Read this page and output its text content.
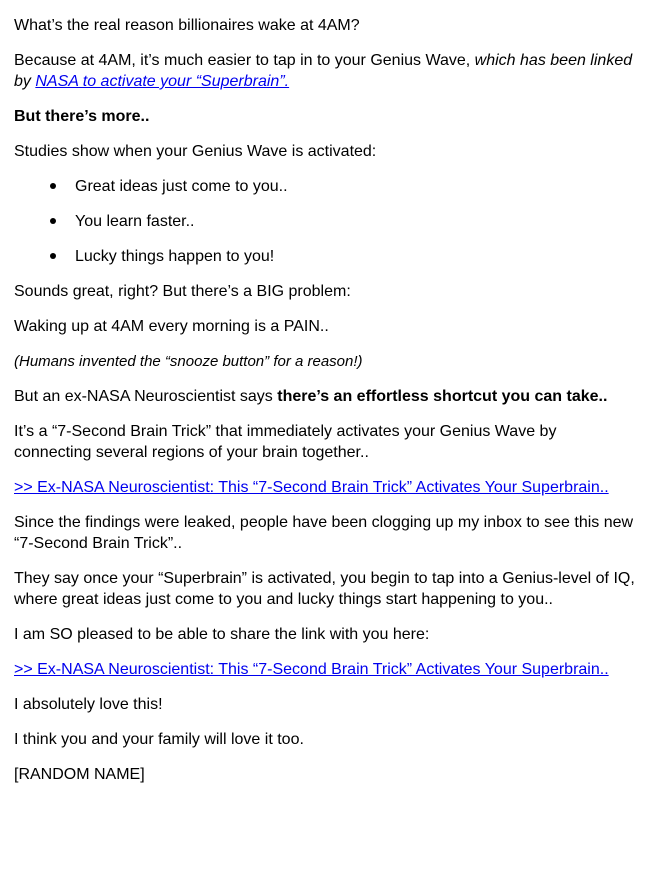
What’s the real reason billionaires wake at 4AM?

Because at 4AM, it’s much easier to tap in to your Genius Wave, which has been linked by NASA to activate your “Superbrain”.

But there’s more..

Studies show when your Genius Wave is activated:

Great ideas just come to you..
You learn faster..
Lucky things happen to you!

Sounds great, right? But there’s a BIG problem:

Waking up at 4AM every morning is a PAIN..

(Humans invented the “snooze button” for a reason!)

But an ex-NASA Neuroscientist says there’s an effortless shortcut you can take..

It’s a “7-Second Brain Trick” that immediately activates your Genius Wave by connecting several regions of your brain together..

>> Ex-NASA Neuroscientist: This “7-Second Brain Trick” Activates Your Superbrain..

Since the findings were leaked, people have been clogging up my inbox to see this new “7-Second Brain Trick”..

They say once your “Superbrain” is activated, you begin to tap into a Genius-level of IQ, where great ideas just come to you and lucky things start happening to you..

I am SO pleased to be able to share the link with you here:

>> Ex-NASA Neuroscientist: This “7-Second Brain Trick” Activates Your Superbrain..

I absolutely love this!

I think you and your family will love it too.

[RANDOM NAME]
